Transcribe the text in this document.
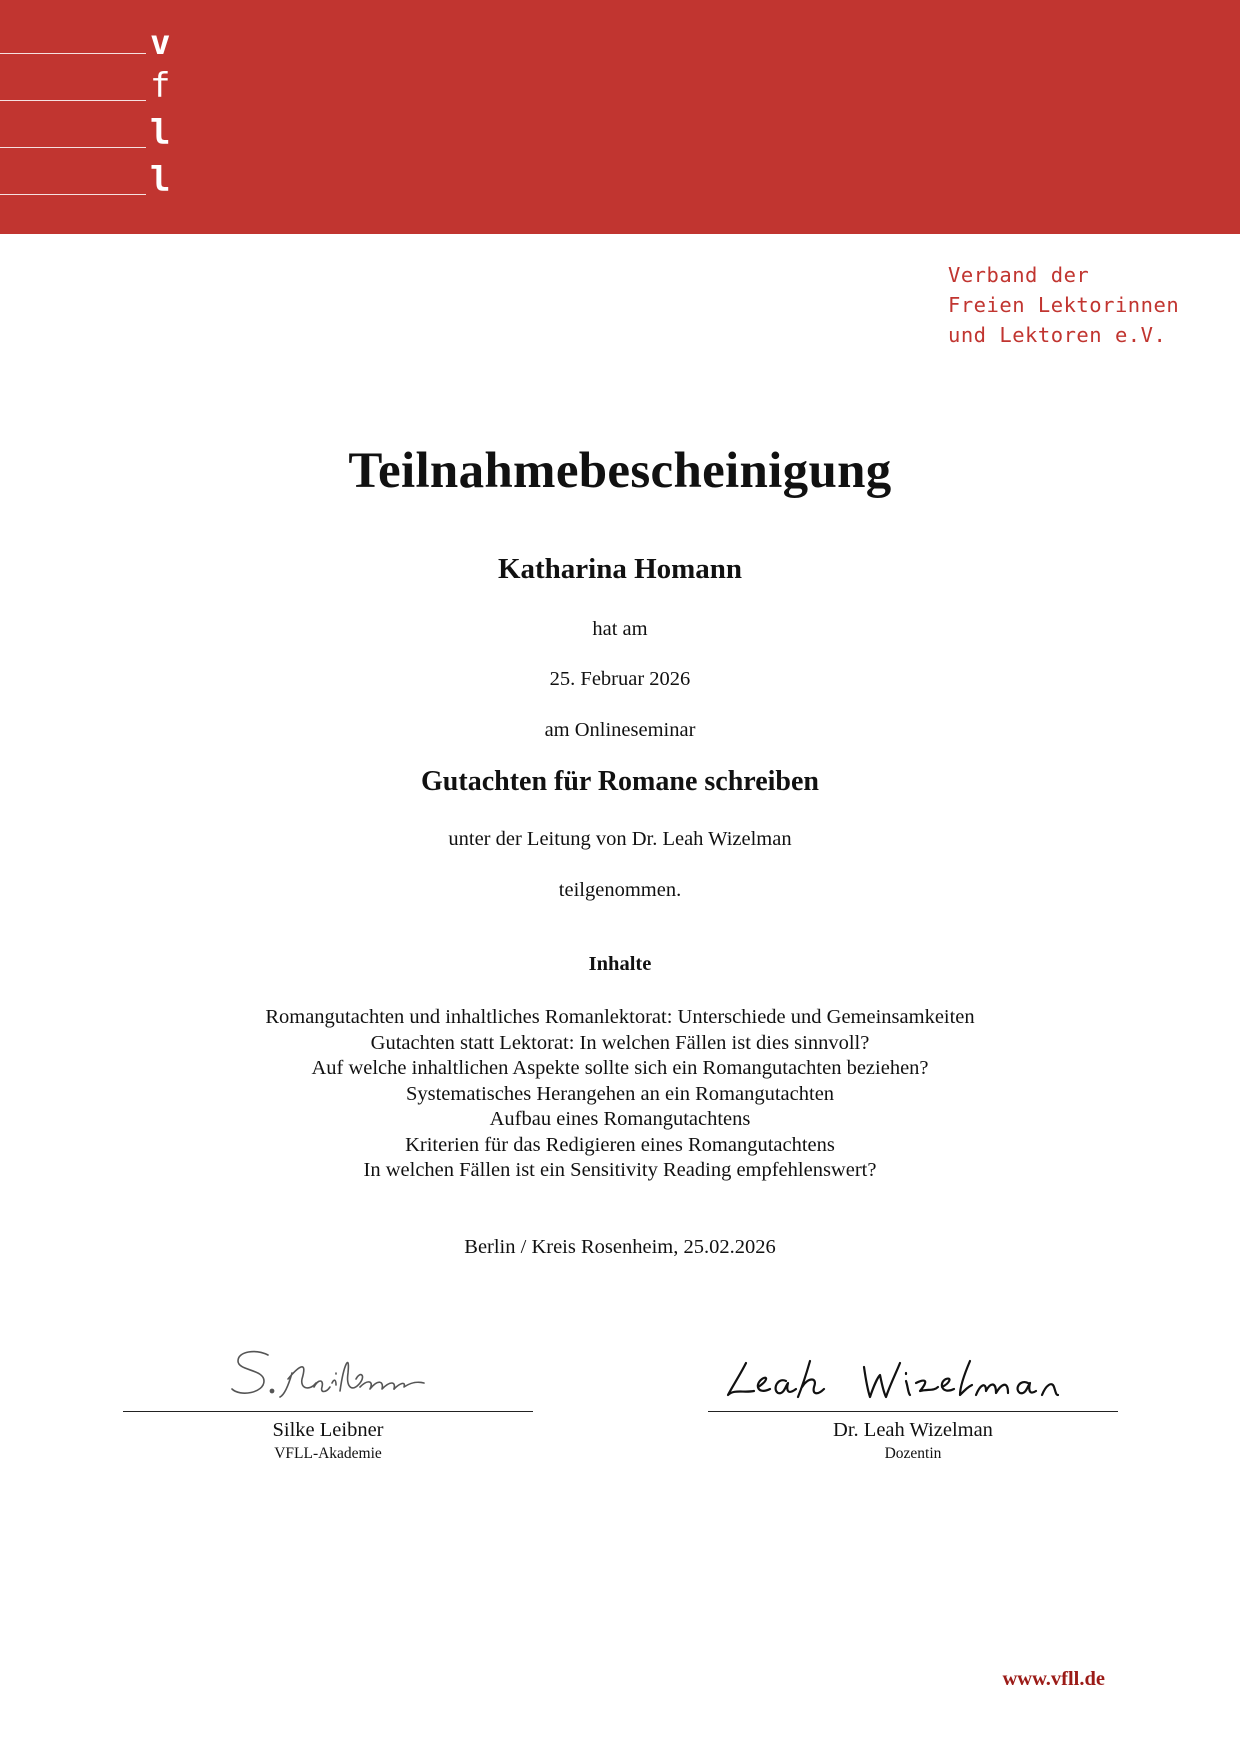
v
f
l
l
Verband der
Freien Lektorinnen
und Lektoren e.V.
Teilnahmebescheinigung
Katharina Homann
hat am
25. Februar 2026
am Onlineseminar
Gutachten für Romane schreiben
unter der Leitung von Dr. Leah Wizelman
teilgenommen.
Inhalte
Romangutachten und inhaltliches Romanlektorat: Unterschiede und Gemeinsamkeiten
Gutachten statt Lektorat: In welchen Fällen ist dies sinnvoll?
Auf welche inhaltlichen Aspekte sollte sich ein Romangutachten beziehen?
Systematisches Herangehen an ein Romangutachten
Aufbau eines Romangutachtens
Kriterien für das Redigieren eines Romangutachtens
In welchen Fällen ist ein Sensitivity Reading empfehlenswert?
Berlin / Kreis Rosenheim, 25.02.2026
Silke Leibner
VFLL-Akademie
Dr. Leah Wizelman
Dozentin
www.vfll.de
